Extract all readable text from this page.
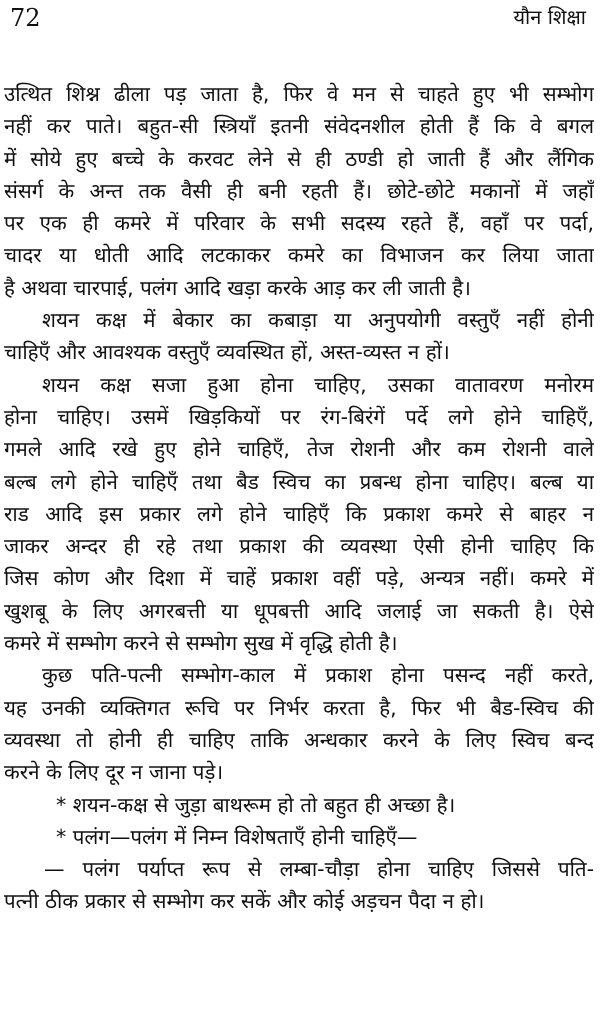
72	यौन शिक्षा
उत्थित शिश्न ढीला पड़ जाता है, फिर वे मन से चाहते हुए भी सम्भोग
नहीं कर पाते। बहुत-सी स्त्रियाँ इतनी संवेदनशील होती हैं कि वे बगल
में सोये हुए बच्चे के करवट लेने से ही ठण्डी हो जाती हैं और लैंगिक
संसर्ग के अन्त तक वैसी ही बनी रहती हैं। छोटे-छोटे मकानों में जहाँ
पर एक ही कमरे में परिवार के सभी सदस्य रहते हैं, वहाँ पर पर्दा,
चादर या धोती आदि लटकाकर कमरे का विभाजन कर लिया जाता
है अथवा चारपाई, पलंग आदि खड़ा करके आड़ कर ली जाती है।
शयन कक्ष में बेकार का कबाड़ा या अनुपयोगी वस्तुएँ नहीं होनी
चाहिएँ और आवश्यक वस्तुएँ व्यवस्थित हों, अस्त-व्यस्त न हों।
शयन कक्ष सजा हुआ होना चाहिए, उसका वातावरण मनोरम
होना चाहिए। उसमें खिड़कियों पर रंग-बिरंगें पर्दे लगे होने चाहिएँ,
गमले आदि रखे हुए होने चाहिएँ, तेज रोशनी और कम रोशनी वाले
बल्ब लगे होने चाहिएँ तथा बैड स्विच का प्रबन्ध होना चाहिए। बल्ब या
राड आदि इस प्रकार लगे होने चाहिएँ कि प्रकाश कमरे से बाहर न
जाकर अन्दर ही रहे तथा प्रकाश की व्यवस्था ऐसी होनी चाहिए कि
जिस कोण और दिशा में चाहें प्रकाश वहीं पड़े, अन्यत्र नहीं। कमरे में
खुशबू के लिए अगरबत्ती या धूपबत्ती आदि जलाई जा सकती है। ऐसे
कमरे में सम्भोग करने से सम्भोग सुख में वृद्धि होती है।
कुछ पति-पत्नी सम्भोग-काल में प्रकाश होना पसन्द नहीं करते,
यह उनकी व्यक्तिगत रूचि पर निर्भर करता है, फिर भी बैड-स्विच की
व्यवस्था तो होनी ही चाहिए ताकि अन्धकार करने के लिए स्विच बन्द
करने के लिए दूर न जाना पड़े।
* शयन-कक्ष से जुड़ा बाथरूम हो तो बहुत ही अच्छा है।
* पलंग—पलंग में निम्न विशेषताएँ होनी चाहिएँ—
— पलंग पर्याप्त रूप से लम्बा-चौड़ा होना चाहिए जिससे पति-
पत्नी ठीक प्रकार से सम्भोग कर सकें और कोई अड़चन पैदा न हो।
